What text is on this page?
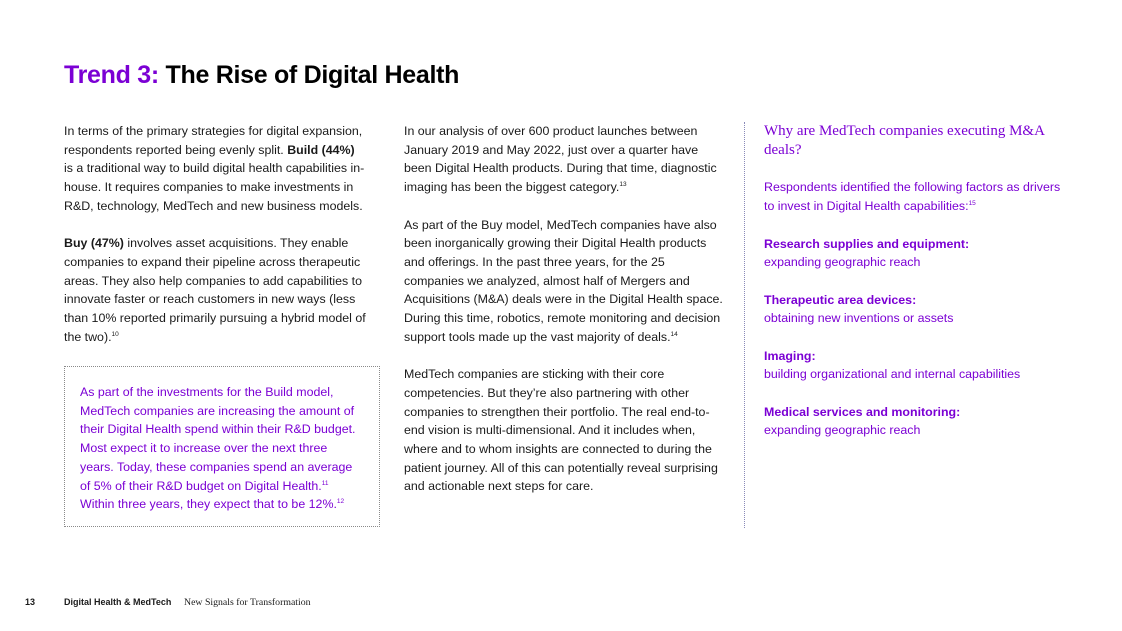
Trend 3: The Rise of Digital Health

In terms of the primary strategies for digital expansion, respondents reported being evenly split. Build (44%)
is a traditional way to build digital health capabilities in-house. It requires companies to make investments in R&D, technology, MedTech and new business models.

Buy (47%) involves asset acquisitions. They enable companies to expand their pipeline across therapeutic areas. They also help companies to add capabilities to innovate faster or reach customers in new ways (less than 10% reported primarily pursuing a hybrid model of the two).$^{10}$

As part of the investments for the Build model, MedTech companies are increasing the amount of their Digital Health spend within their R&D budget. Most expect it to increase over the next three years. Today, these companies spend an average of 5% of their R&D budget on Digital Health.$^{11}$
Within three years, they expect that to be 12%.$^{12}$

In our analysis of over 600 product launches between January 2019 and May 2022, just over a quarter have been Digital Health products. During that time, diagnostic imaging has been the biggest category.$^{13}$

As part of the Buy model, MedTech companies have also been inorganically growing their Digital Health products and offerings. In the past three years, for the 25 companies we analyzed, almost half of Mergers and Acquisitions (M&A) deals were in the Digital Health space. During this time, robotics, remote monitoring and decision support tools made up the vast majority of deals.$^{14}$

MedTech companies are sticking with their core competencies. But they’re also partnering with other companies to strengthen their portfolio. The real end-to-end vision is multi-dimensional. And it includes when, where and to whom insights are connected to during the patient journey. All of this can potentially reveal surprising and actionable next steps for care.

Why are MedTech companies executing M&A deals?

Respondents identified the following factors as drivers to invest in Digital Health capabilities:$^{15}$

Research supplies and equipment:
expanding geographic reach

Therapeutic area devices:
obtaining new inventions or assets

Imaging:
building organizational and internal capabilities

Medical services and monitoring:
expanding geographic reach

13	Digital Health & MedTech New Signals for Transformation
